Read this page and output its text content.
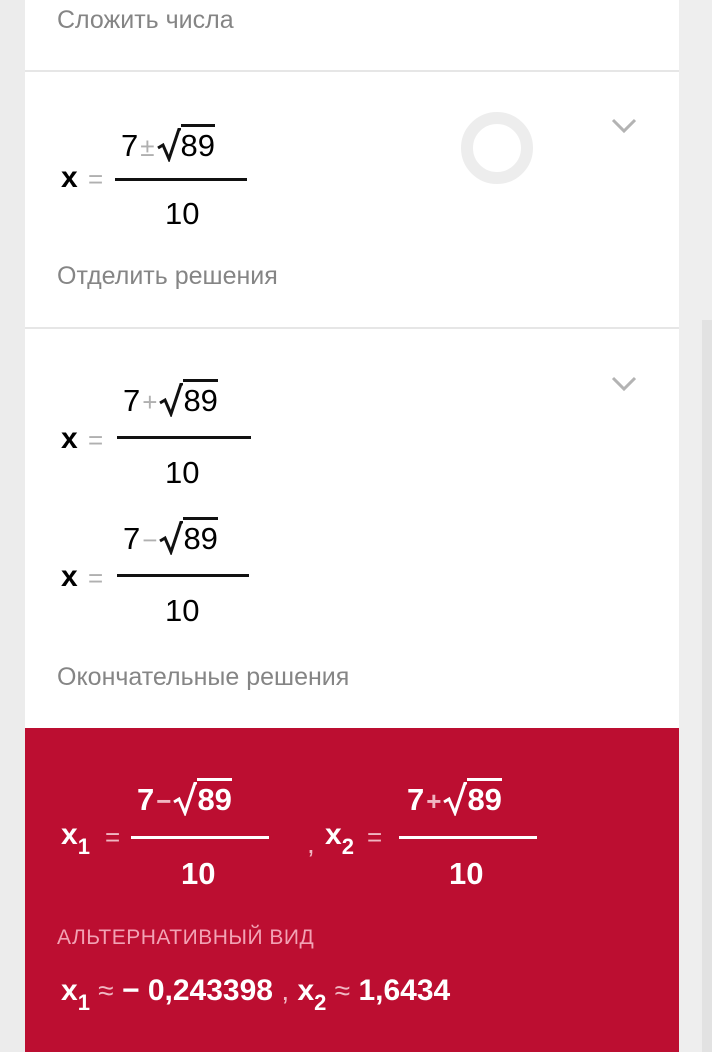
Сложить числа
x =
7± 89
10
Отделить решения
x =
7+ 89
10
x =
7− 89
10
Окончательные решения
$x_1$ =
7− 89
10
, $x_2$ =
7+ 89
10
АЛЬТЕРНАТИВНЫЙ ВИД
$x_1$ ≈ − 0,243398 , $x_2 \approx 1,6434$
